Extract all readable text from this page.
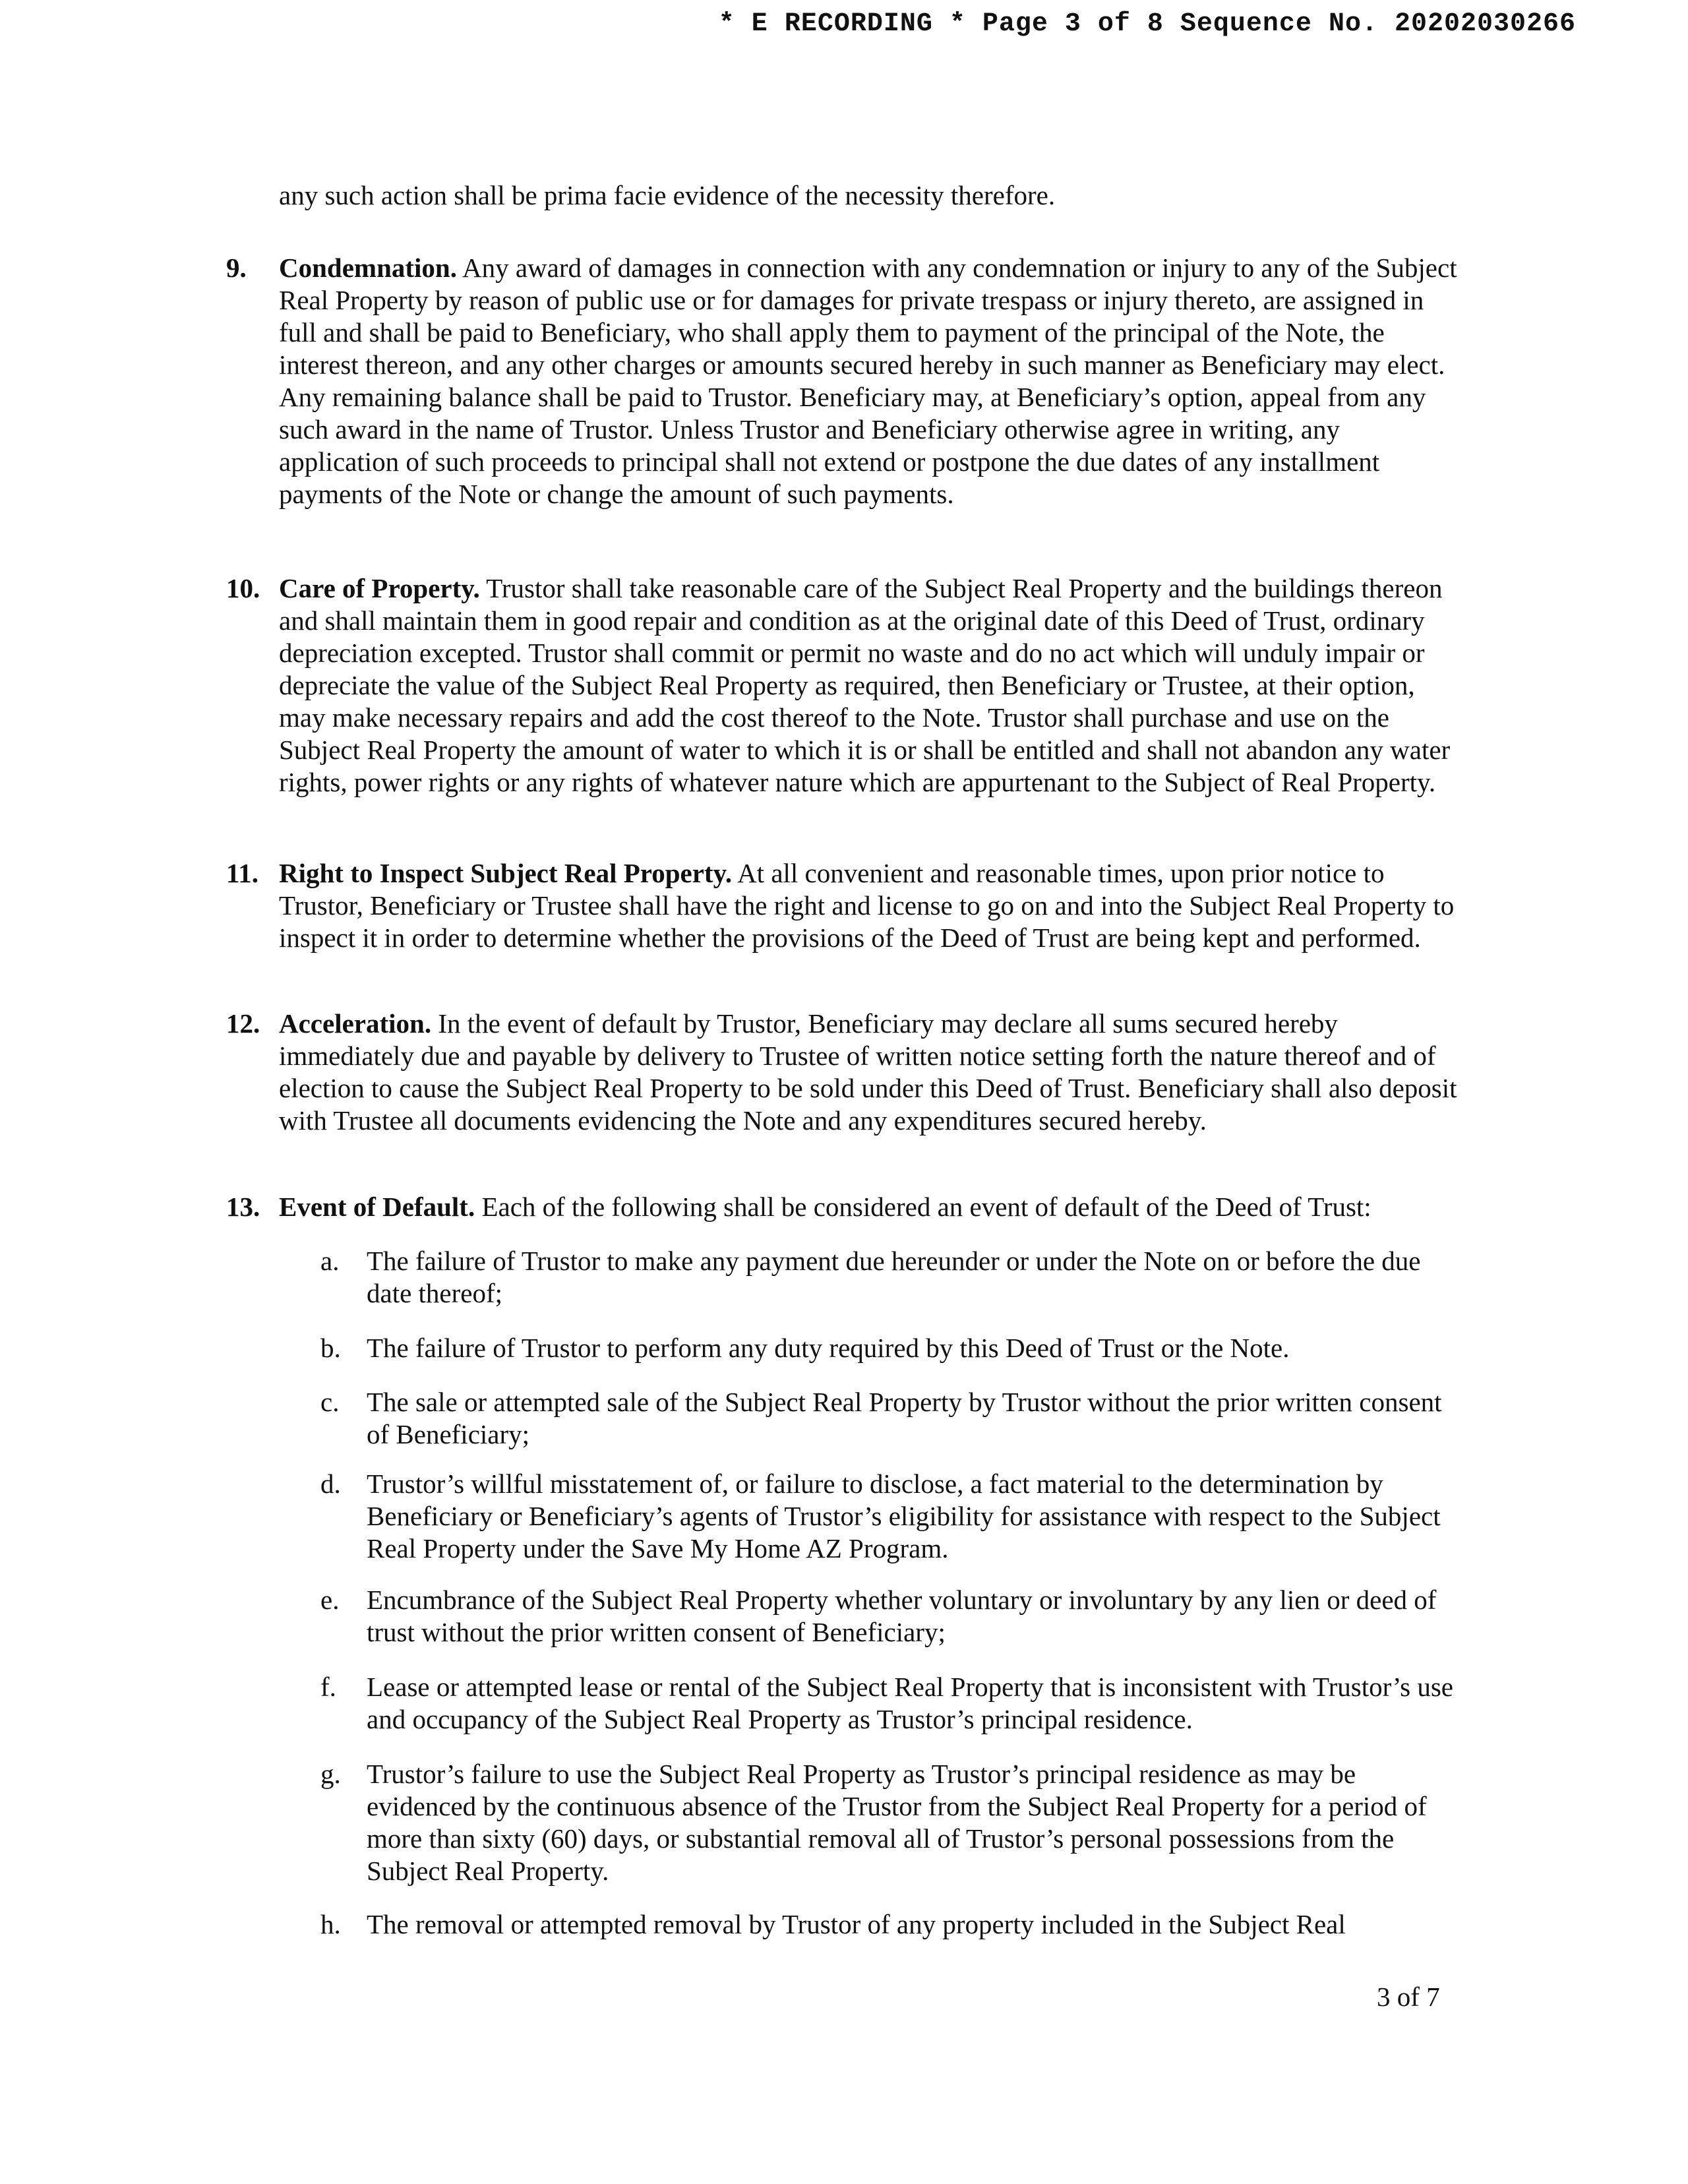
* E RECORDING * Page 3 of 8 Sequence No. 20202030266
any such action shall be prima facie evidence of the necessity therefore.
9. Condemnation. Any award of damages in connection with any condemnation or injury to any of the Subject Real Property by reason of public use or for damages for private trespass or injury thereto, are assigned in full and shall be paid to Beneficiary, who shall apply them to payment of the principal of the Note, the interest thereon, and any other charges or amounts secured hereby in such manner as Beneficiary may elect. Any remaining balance shall be paid to Trustor. Beneficiary may, at Beneficiary’s option, appeal from any such award in the name of Trustor. Unless Trustor and Beneficiary otherwise agree in writing, any application of such proceeds to principal shall not extend or postpone the due dates of any installment payments of the Note or change the amount of such payments.
10. Care of Property. Trustor shall take reasonable care of the Subject Real Property and the buildings thereon and shall maintain them in good repair and condition as at the original date of this Deed of Trust, ordinary depreciation excepted. Trustor shall commit or permit no waste and do no act which will unduly impair or depreciate the value of the Subject Real Property as required, then Beneficiary or Trustee, at their option, may make necessary repairs and add the cost thereof to the Note. Trustor shall purchase and use on the Subject Real Property the amount of water to which it is or shall be entitled and shall not abandon any water rights, power rights or any rights of whatever nature which are appurtenant to the Subject of Real Property.
11. Right to Inspect Subject Real Property. At all convenient and reasonable times, upon prior notice to Trustor, Beneficiary or Trustee shall have the right and license to go on and into the Subject Real Property to inspect it in order to determine whether the provisions of the Deed of Trust are being kept and performed.
12. Acceleration. In the event of default by Trustor, Beneficiary may declare all sums secured hereby immediately due and payable by delivery to Trustee of written notice setting forth the nature thereof and of election to cause the Subject Real Property to be sold under this Deed of Trust. Beneficiary shall also deposit with Trustee all documents evidencing the Note and any expenditures secured hereby.
13. Event of Default. Each of the following shall be considered an event of default of the Deed of Trust:
a. The failure of Trustor to make any payment due hereunder or under the Note on or before the due date thereof;
b. The failure of Trustor to perform any duty required by this Deed of Trust or the Note.
c. The sale or attempted sale of the Subject Real Property by Trustor without the prior written consent of Beneficiary;
d. Trustor’s willful misstatement of, or failure to disclose, a fact material to the determination by Beneficiary or Beneficiary’s agents of Trustor’s eligibility for assistance with respect to the Subject Real Property under the Save My Home AZ Program.
e. Encumbrance of the Subject Real Property whether voluntary or involuntary by any lien or deed of trust without the prior written consent of Beneficiary;
f. Lease or attempted lease or rental of the Subject Real Property that is inconsistent with Trustor’s use and occupancy of the Subject Real Property as Trustor’s principal residence.
g. Trustor’s failure to use the Subject Real Property as Trustor’s principal residence as may be evidenced by the continuous absence of the Trustor from the Subject Real Property for a period of more than sixty (60) days, or substantial removal all of Trustor’s personal possessions from the Subject Real Property.
h. The removal or attempted removal by Trustor of any property included in the Subject Real
3 of 7
